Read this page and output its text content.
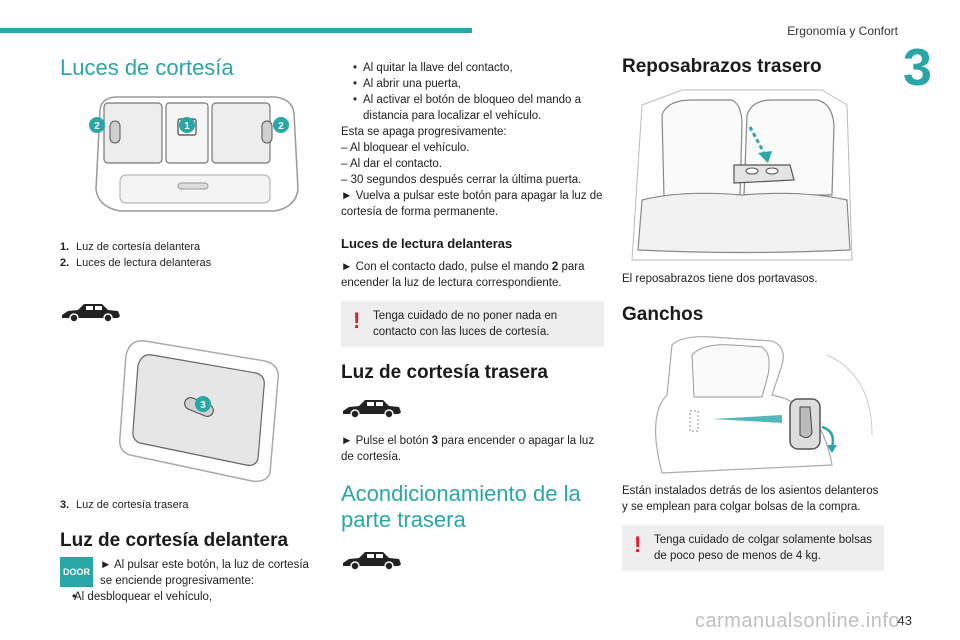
Ergonomía y Confort
3
Luces de cortesía
2	1	2
1. Luz de cortesía delantera
2. Luces de lectura delanteras
3
3. Luz de cortesía trasera
Luz de cortesía delantera
DOOR

► Al pulsar este botón, la luz de cortesía se enciende progresivamente:

• Al desbloquear el vehículo,
• Al quitar la llave del contacto,
• Al abrir una puerta,
• Al activar el botón de bloqueo del mando a distancia para localizar el vehículo.

Esta se apaga progresivamente:

– Al bloquear el vehículo.

– Al dar el contacto.

– 30 segundos después cerrar la última puerta.

► Vuelva a pulsar este botón para apagar la luz de cortesía de forma permanente.

Luces de lectura delanteras

► Con el contacto dado, pulse el mando 2 para encender la luz de lectura correspondiente.

! Tenga cuidado de no poner nada en contacto con las luces de cortesía.
Luz de cortesía trasera

► Pulse el botón 3 para encender o apagar la luz de cortesía.

Acondicionamiento de la parte trasera
Reposabrazos trasero

El reposabrazos tiene dos portavasos.

Ganchos

Están instalados detrás de los asientos delanteros y se emplean para colgar bolsas de la compra.

! Tenga cuidado de colgar solamente bolsas de poco peso de menos de 4 kg.
carmanualsonline.info
43
